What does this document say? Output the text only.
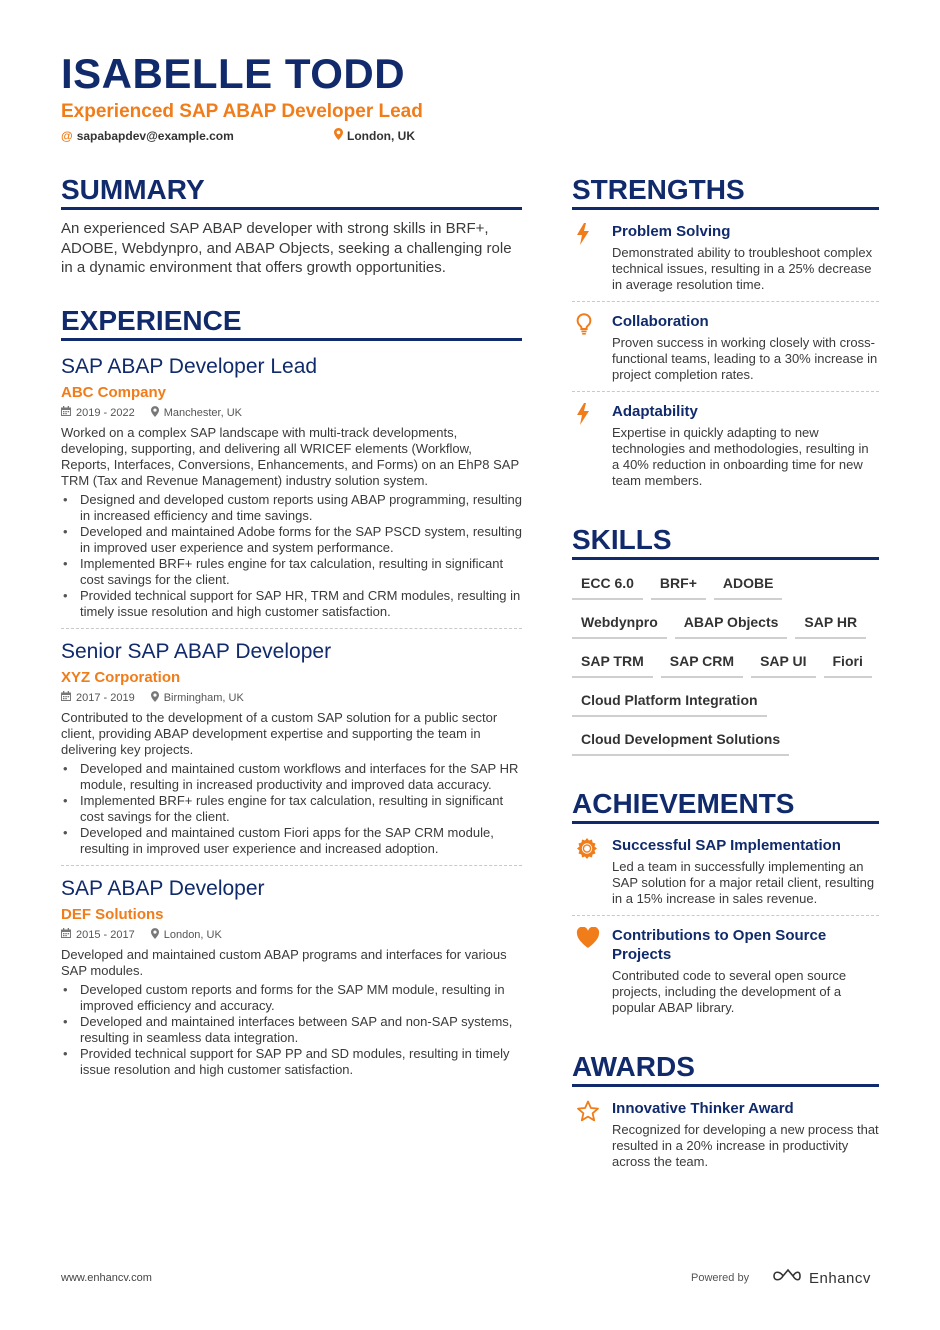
ISABELLE TODD
Experienced SAP ABAP Developer Lead
@ sapabapdev@example.com	London, UK
SUMMARY
An experienced SAP ABAP developer with strong skills in BRF+, ADOBE, Webdynpro, and ABAP Objects, seeking a challenging role in a dynamic environment that offers growth opportunities.
EXPERIENCE
SAP ABAP Developer Lead
ABC Company
2019 - 2022	Manchester, UK
Worked on a complex SAP landscape with multi-track developments, developing, supporting, and delivering all WRICEF elements (Workflow, Reports, Interfaces, Conversions, Enhancements, and Forms) on an EhP8 SAP TRM (Tax and Revenue Management) industry solution system.
• Designed and developed custom reports using ABAP programming, resulting in increased efficiency and time savings.
• Developed and maintained Adobe forms for the SAP PSCD system, resulting in improved user experience and system performance.
• Implemented BRF+ rules engine for tax calculation, resulting in significant cost savings for the client.
• Provided technical support for SAP HR, TRM and CRM modules, resulting in timely issue resolution and high customer satisfaction.
Senior SAP ABAP Developer
XYZ Corporation
2017 - 2019	Birmingham, UK
Contributed to the development of a custom SAP solution for a public sector client, providing ABAP development expertise and supporting the team in delivering key projects.
• Developed and maintained custom workflows and interfaces for the SAP HR module, resulting in increased productivity and improved data accuracy.
• Implemented BRF+ rules engine for tax calculation, resulting in significant cost savings for the client.
• Developed and maintained custom Fiori apps for the SAP CRM module, resulting in improved user experience and increased adoption.
SAP ABAP Developer
DEF Solutions
2015 - 2017	London, UK
Developed and maintained custom ABAP programs and interfaces for various SAP modules.
• Developed custom reports and forms for the SAP MM module, resulting in improved efficiency and accuracy.
• Developed and maintained interfaces between SAP and non-SAP systems, resulting in seamless data integration.
• Provided technical support for SAP PP and SD modules, resulting in timely issue resolution and high customer satisfaction.
STRENGTHS
Problem Solving
Demonstrated ability to troubleshoot complex technical issues, resulting in a 25% decrease in average resolution time.
Collaboration
Proven success in working closely with cross-functional teams, leading to a 30% increase in project completion rates.
Adaptability
Expertise in quickly adapting to new technologies and methodologies, resulting in a 40% reduction in onboarding time for new team members.
SKILLS
ECC 6.0	BRF+	ADOBE
Webdynpro	ABAP Objects	SAP HR
SAP TRM	SAP CRM	SAP UI	Fiori
Cloud Platform Integration
Cloud Development Solutions
ACHIEVEMENTS
Successful SAP Implementation
Led a team in successfully implementing an SAP solution for a major retail client, resulting in a 15% increase in sales revenue.
Contributions to Open Source Projects
Contributed code to several open source projects, including the development of a popular ABAP library.
AWARDS
Innovative Thinker Award
Recognized for developing a new process that resulted in a 20% increase in productivity across the team.
www.enhancv.com	Powered by	Enhancv
